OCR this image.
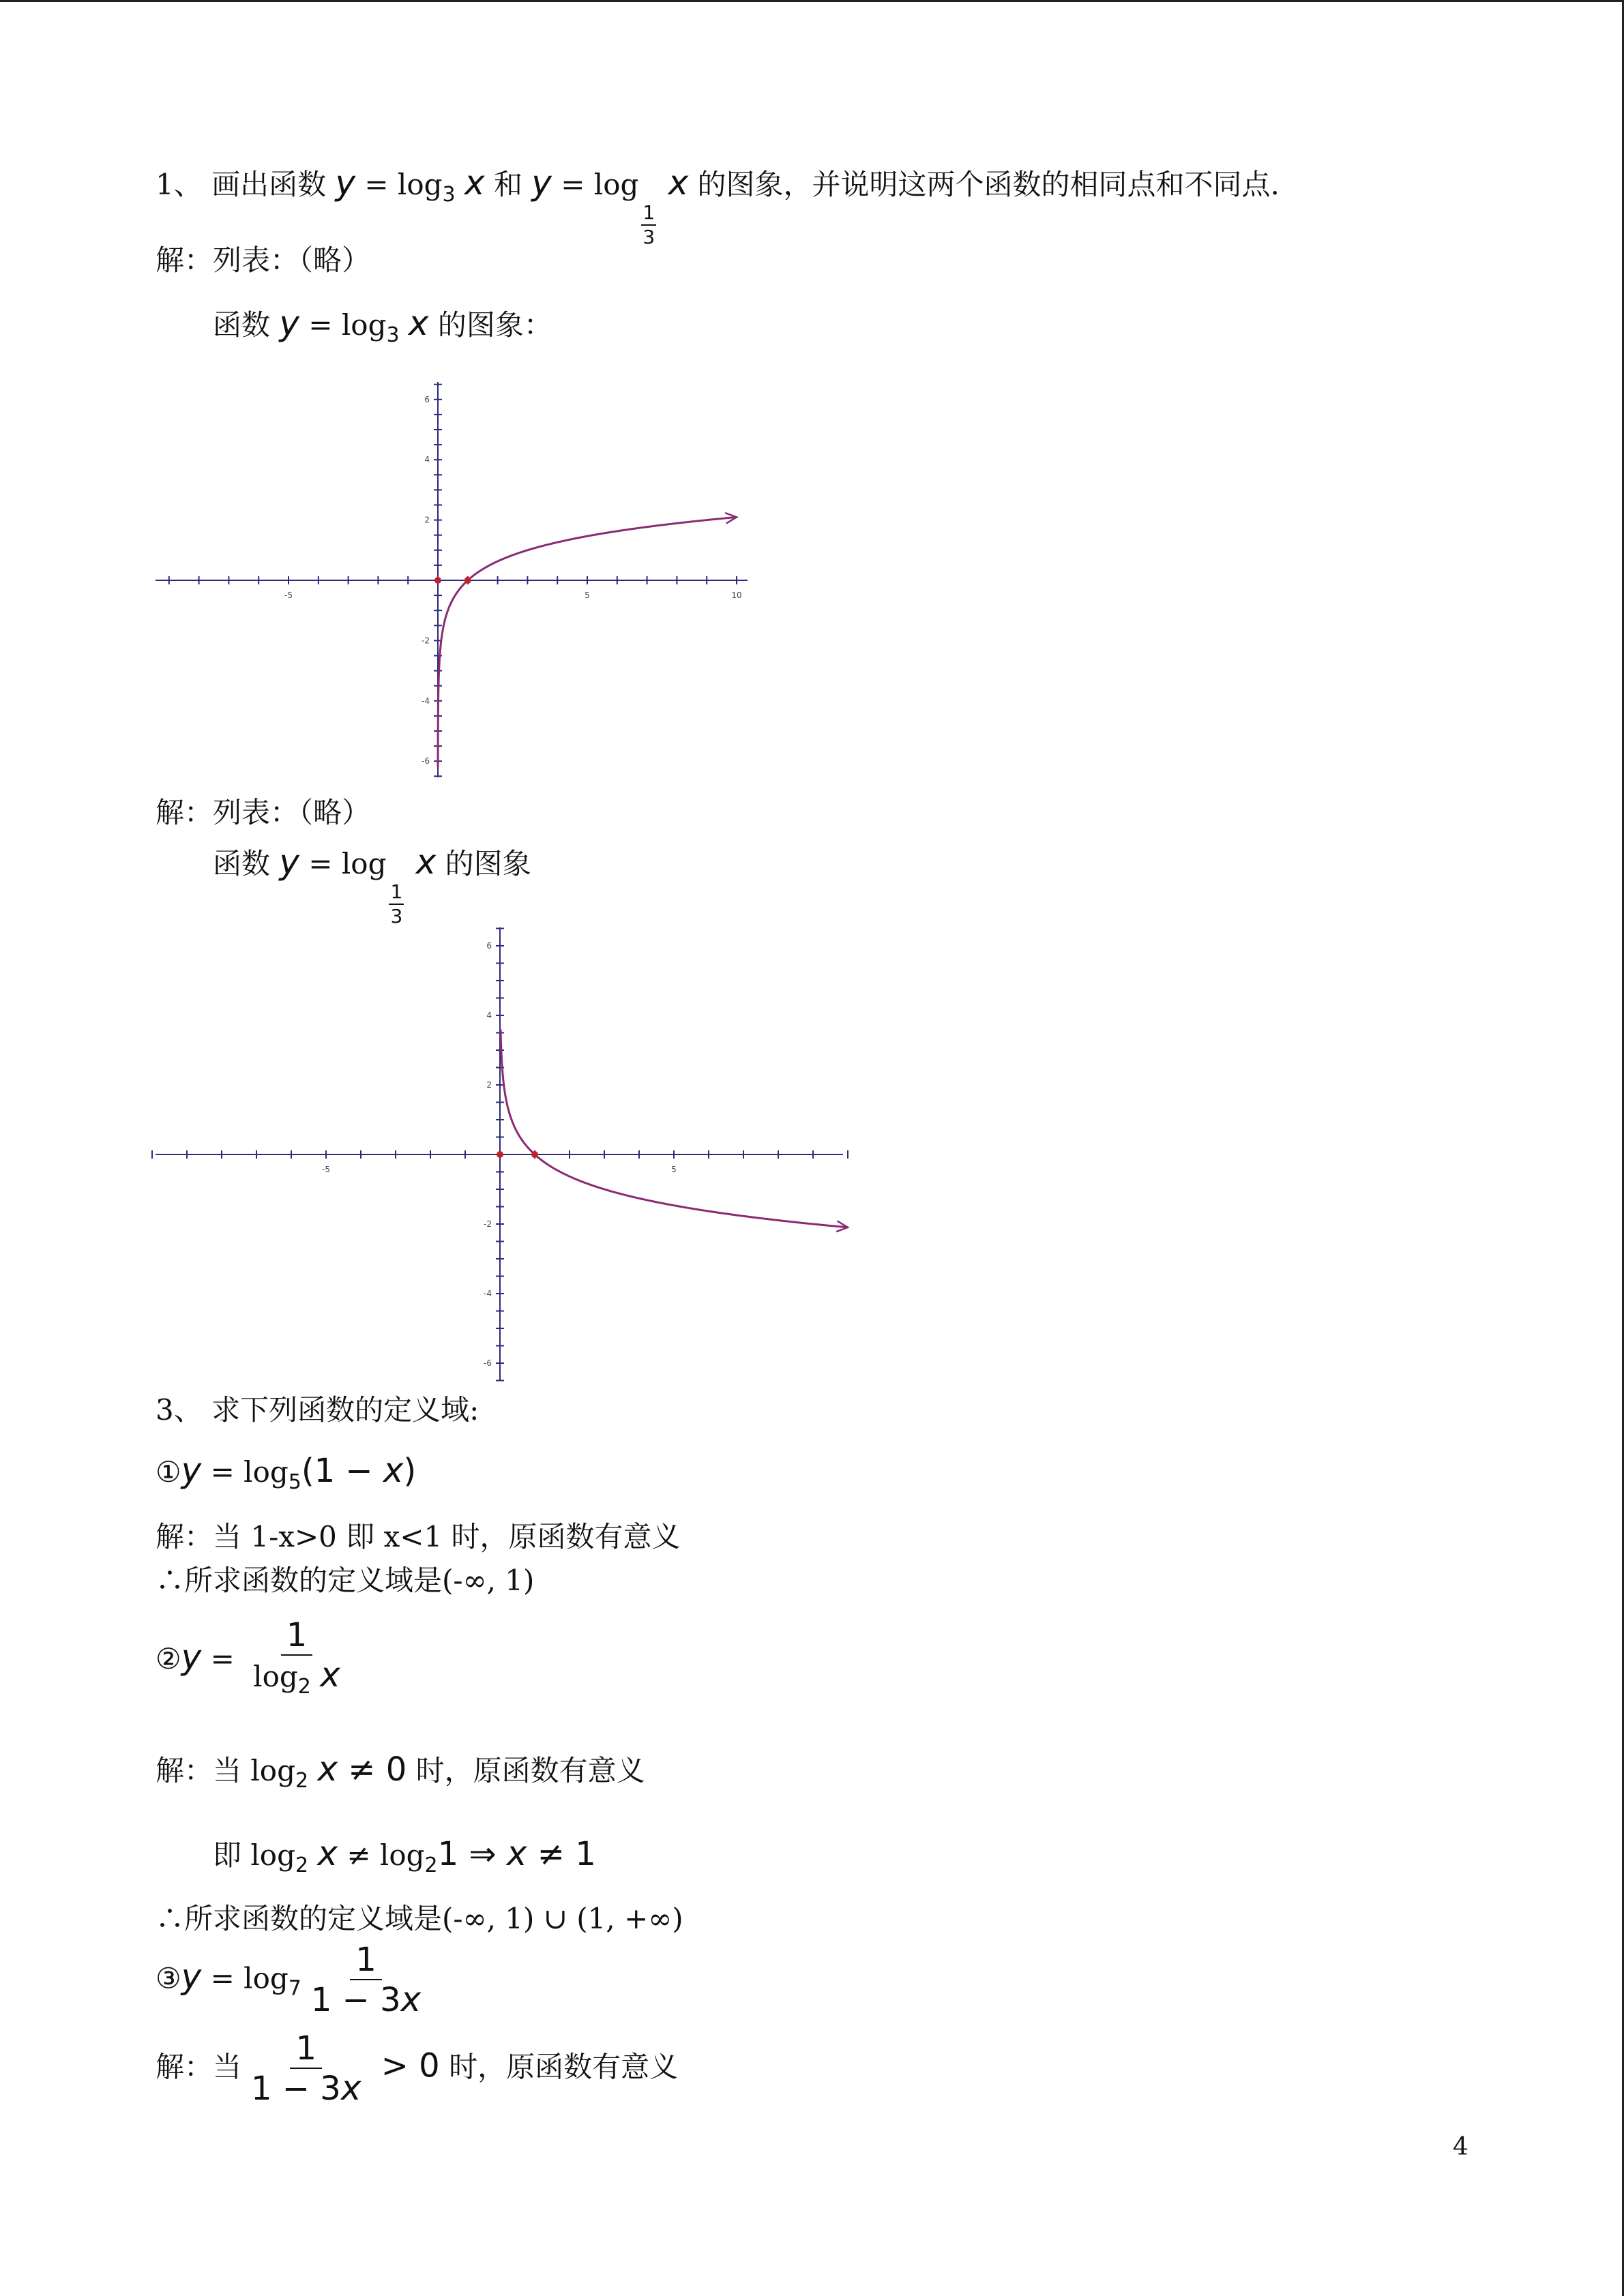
1、 画出函数 $y = \log_3 x$ 和 y = log
$\frac{1}{3}$
x 的图象，并说明这两个函数的相同点和不同点.
解：列表：（略）
函数 $y = \log_3 x$ 的图象：
-5	5	10
6
4
2
-2
-4
-6
解：列表：（略）
函数 y = log
$\frac{1}{3}$
x 的图象
-5	5
6
4
2
-2
-4
-6
3、 求下列函数的定义域:
①y = $\log_5(1 - x)$
解：当 1-x>0 即 x<1 时，原函数有意义
∴所求函数的定义域是(-∞, 1)
②y = $\frac{1}{\log_2 x}$
解：当 $\log_2 x \ne 0$ 时，原函数有意义
即 $\log_2 x \ne \log_21$ ⇒ x ≠ 1
∴所求函数的定义域是(-∞, 1) ∪ (1, +∞)
③y = $\log_7 \frac{1}{1 - 3x}$
解：当 $\frac{1}{1 - 3x} > 0$ 时，原函数有意义
4
